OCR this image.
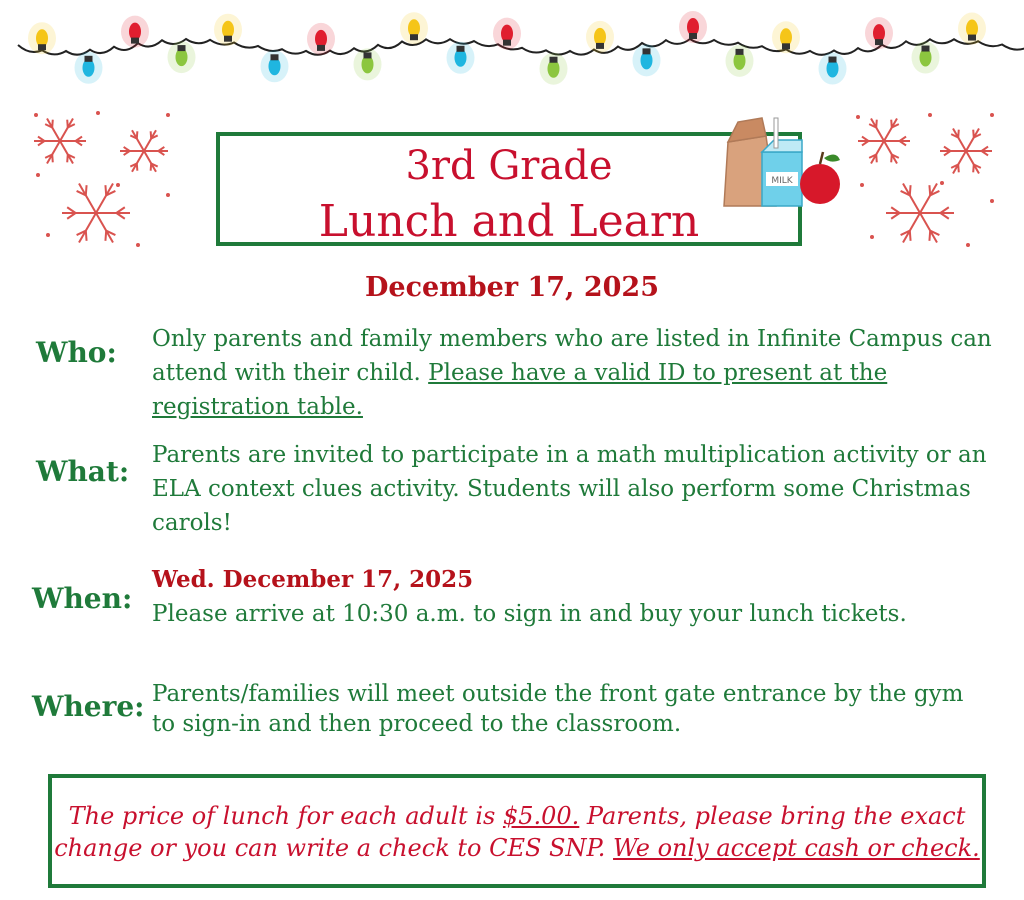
3rd Grade
Lunch and Learn
MILK
December 17, 2025
Who: Only parents and family members who are listed in Infinite Campus can attend with their child. Please have a valid ID to present at the registration table.
What: Parents are invited to participate in a math multiplication activity or an ELA context clues activity. Students will also perform some Christmas carols!
When:
Wed. December 17, 2025
Please arrive at 10:30 a.m. to sign in and buy your lunch tickets.
Where: Parents/families will meet outside the front gate entrance by the gym to sign-in and then proceed to the classroom.
The price of lunch for each adult is $5.00. Parents, please bring the exact change or you can write a check to CES SNP. We only accept cash or check.
